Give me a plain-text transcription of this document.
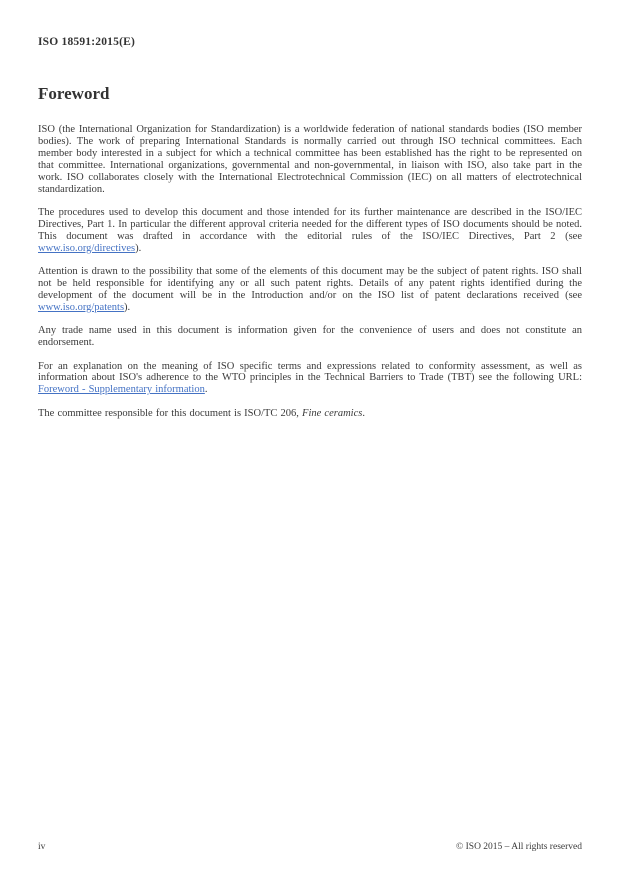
ISO 18591:2015(E)
Foreword

ISO (the International Organization for Standardization) is a worldwide federation of national standards bodies (ISO member bodies). The work of preparing International Standards is normally carried out through ISO technical committees. Each member body interested in a subject for which a technical committee has been established has the right to be represented on that committee. International organizations, governmental and non-governmental, in liaison with ISO, also take part in the work. ISO collaborates closely with the International Electrotechnical Commission (IEC) on all matters of electrotechnical standardization.

The procedures used to develop this document and those intended for its further maintenance are described in the ISO/IEC Directives, Part 1. In particular the different approval criteria needed for the different types of ISO documents should be noted. This document was drafted in accordance with the editorial rules of the ISO/IEC Directives, Part 2 (see www.iso.org/directives).

Attention is drawn to the possibility that some of the elements of this document may be the subject of patent rights. ISO shall not be held responsible for identifying any or all such patent rights. Details of any patent rights identified during the development of the document will be in the Introduction and/or on the ISO list of patent declarations received (see www.iso.org/patents).

Any trade name used in this document is information given for the convenience of users and does not constitute an endorsement.

For an explanation on the meaning of ISO specific terms and expressions related to conformity assessment, as well as information about ISO's adherence to the WTO principles in the Technical Barriers to Trade (TBT) see the following URL: Foreword - Supplementary information.

The committee responsible for this document is ISO/TC 206, Fine ceramics.

iv	© ISO 2015 – All rights reserved
